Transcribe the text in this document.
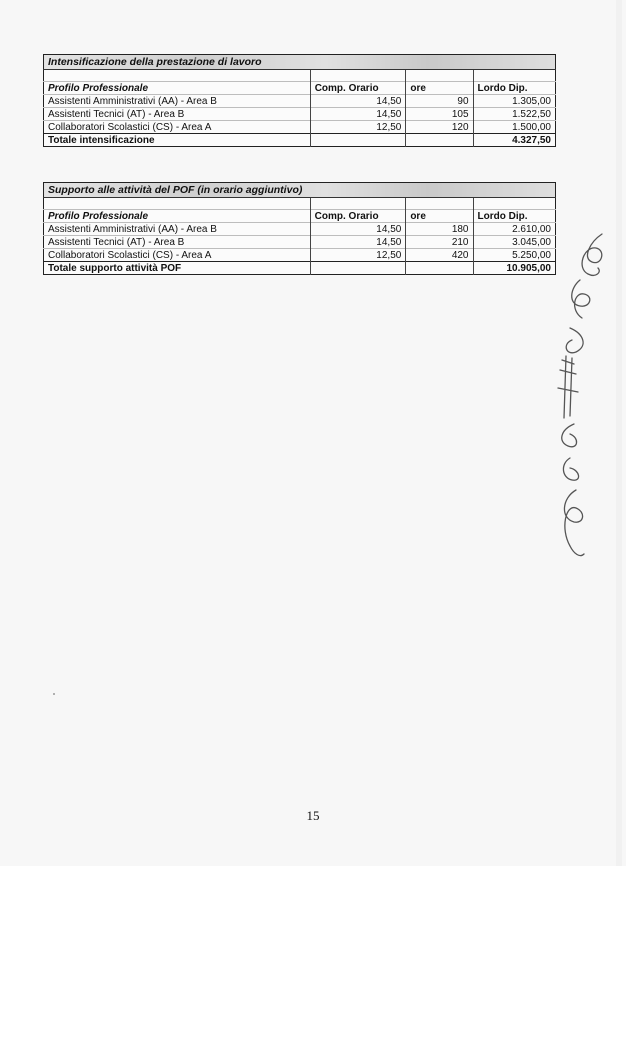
Intensificazione della prestazione di lavoro			

Profilo Professionale	Comp. Orario	ore	Lordo Dip.
Assistenti Amministrativi (AA) - Area B	14,50	90	1.305,00
Assistenti Tecnici (AT) - Area B	14,50	105	1.522,50
Collaboratori Scolastici (CS) - Area A	12,50	120	1.500,00
Totale intensificazione			4.327,50
Supporto alle attività del POF (in orario aggiuntivo)			

Profilo Professionale	Comp. Orario	ore	Lordo Dip.
Assistenti Amministrativi (AA) - Area B	14,50	180	2.610,00
Assistenti Tecnici (AT) - Area B	14,50	210	3.045,00
Collaboratori Scolastici (CS) - Area A	12,50	420	5.250,00
Totale supporto attività POF			10.905,00
15
